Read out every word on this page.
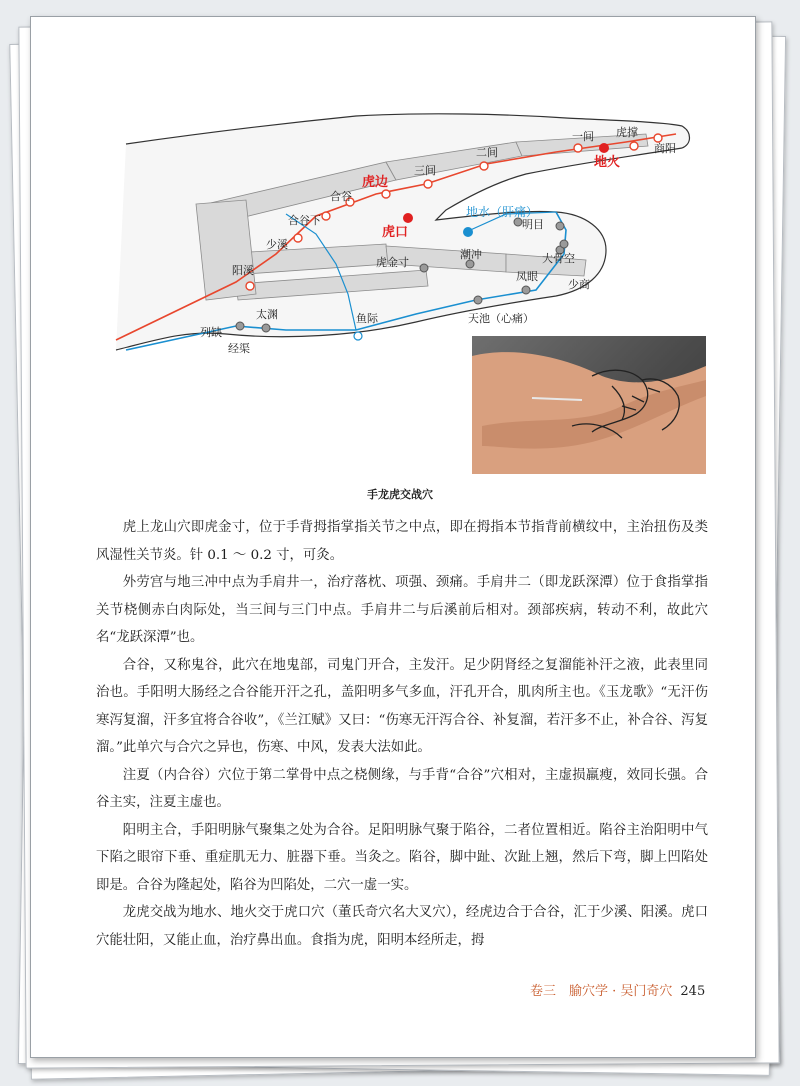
虎边
虎口
地火
地水（肝痛）
商阳
虎撑
一间
二间
三间
合谷
合谷下
少溪
阳溪
明目
潮冲	大骨空
凤眼
少商
虎金寸
鱼际	天池（心痛）
太渊
列缺
经渠
手龙虎交战穴

虎上龙山穴即虎金寸，位于手背拇指掌指关节之中点，即在拇指本节指背前横纹中，主治扭伤及类风湿性关节炎。针 0.1 ～ 0.2 寸，可灸。

外劳宫与地三冲中点为手肩井一，治疗落枕、项强、颈痛。手肩井二（即龙跃深潭）位于食指掌指关节桡侧赤白肉际处，当三间与三门中点。手肩井二与后溪前后相对。颈部疾病，转动不利，故此穴名“龙跃深潭”也。

合谷，又称鬼谷，此穴在地鬼部，司鬼门开合，主发汗。足少阴肾经之复溜能补汗之液，此表里同治也。手阳明大肠经之合谷能开汗之孔，盖阳明多气多血，汗孔开合，肌肉所主也。《玉龙歌》“无汗伤寒泻复溜，汗多宜将合谷收”，《兰江赋》又曰：“伤寒无汗泻合谷、补复溜，若汗多不止，补合谷、泻复溜。”此单穴与合穴之异也，伤寒、中风，发表大法如此。

注夏（内合谷）穴位于第二掌骨中点之桡侧缘，与手背“合谷”穴相对，主虚损羸瘦，效同长强。合谷主实，注夏主虚也。

阳明主合，手阳明脉气聚集之处为合谷。足阳明脉气聚于陷谷，二者位置相近。陷谷主治阳明中气下陷之眼帘下垂、重症肌无力、脏器下垂。当灸之。陷谷，脚中趾、次趾上翘，然后下弯，脚上凹陷处即是。合谷为隆起处，陷谷为凹陷处，二穴一虚一实。

龙虎交战为地水、地火交于虎口穴（董氏奇穴名大叉穴），经虎边合于合谷，汇于少溪、阳溪。虎口穴能壮阳，又能止血，治疗鼻出血。食指为虎，阳明本经所走，拇

卷三　腧穴学 · 吴门奇穴 245
